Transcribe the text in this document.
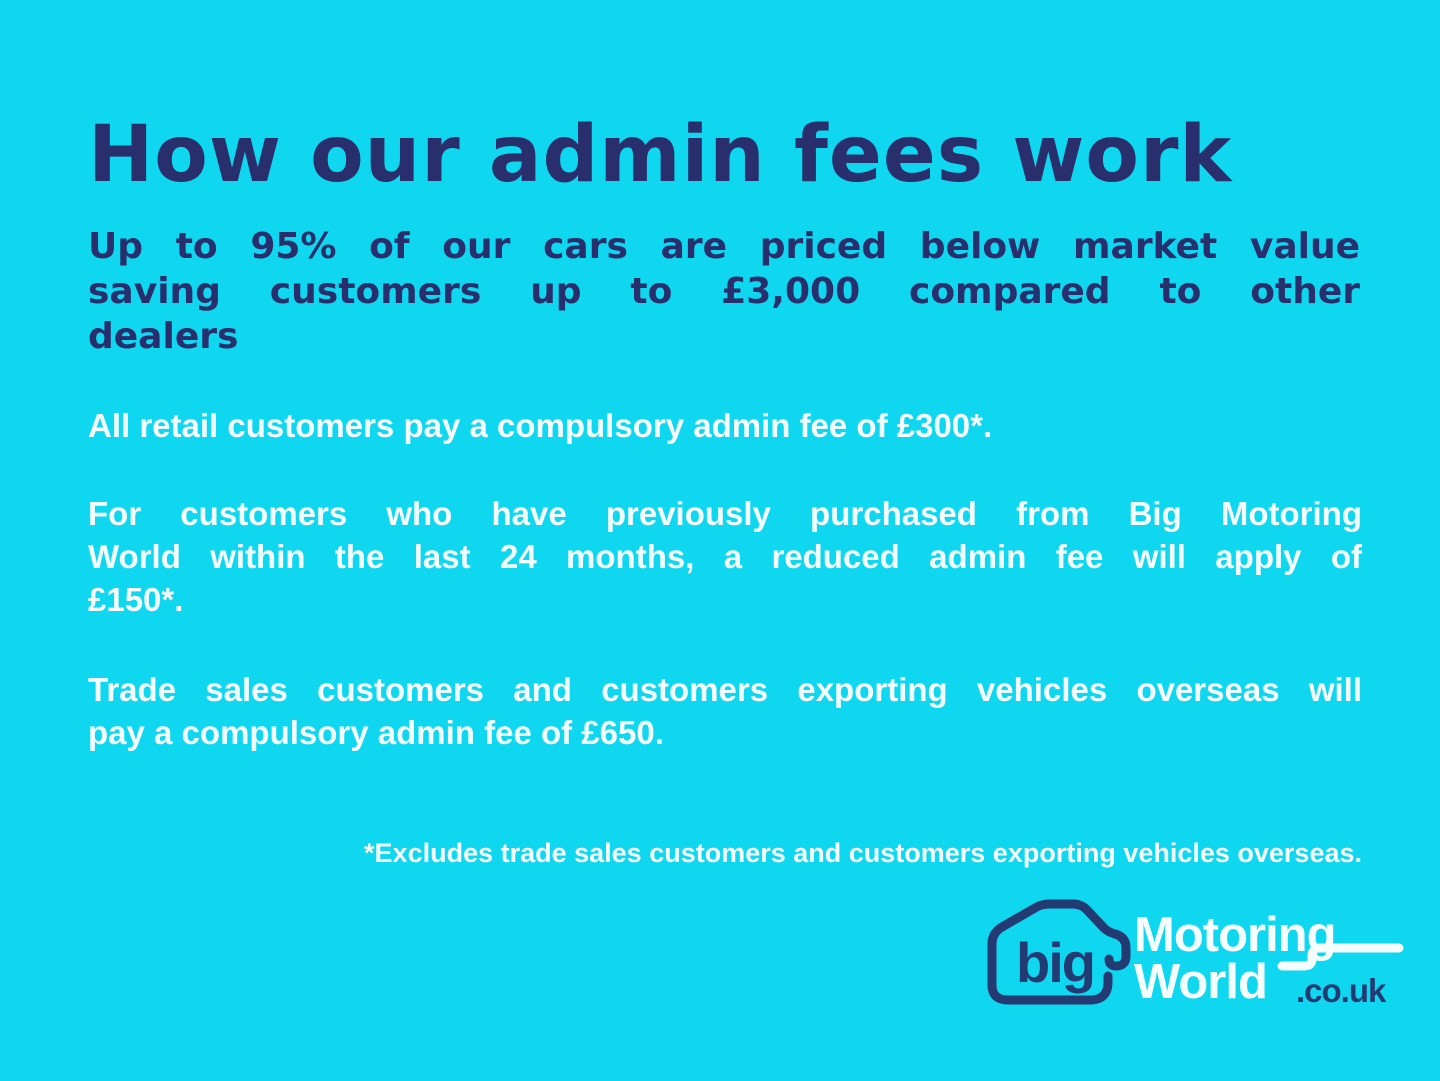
How our admin fees work
Up to 95% of our cars are priced below market value
saving customers up to £3,000 compared to other
dealers
All retail customers pay a compulsory admin fee of £300*.
For customers who have previously purchased from Big Motoring
World within the last 24 months, a reduced admin fee will apply of
£150*.
Trade sales customers and customers exporting vehicles overseas will
pay a compulsory admin fee of £650.
*Excludes trade sales customers and customers exporting vehicles overseas.
big Motoring
World .co.uk
